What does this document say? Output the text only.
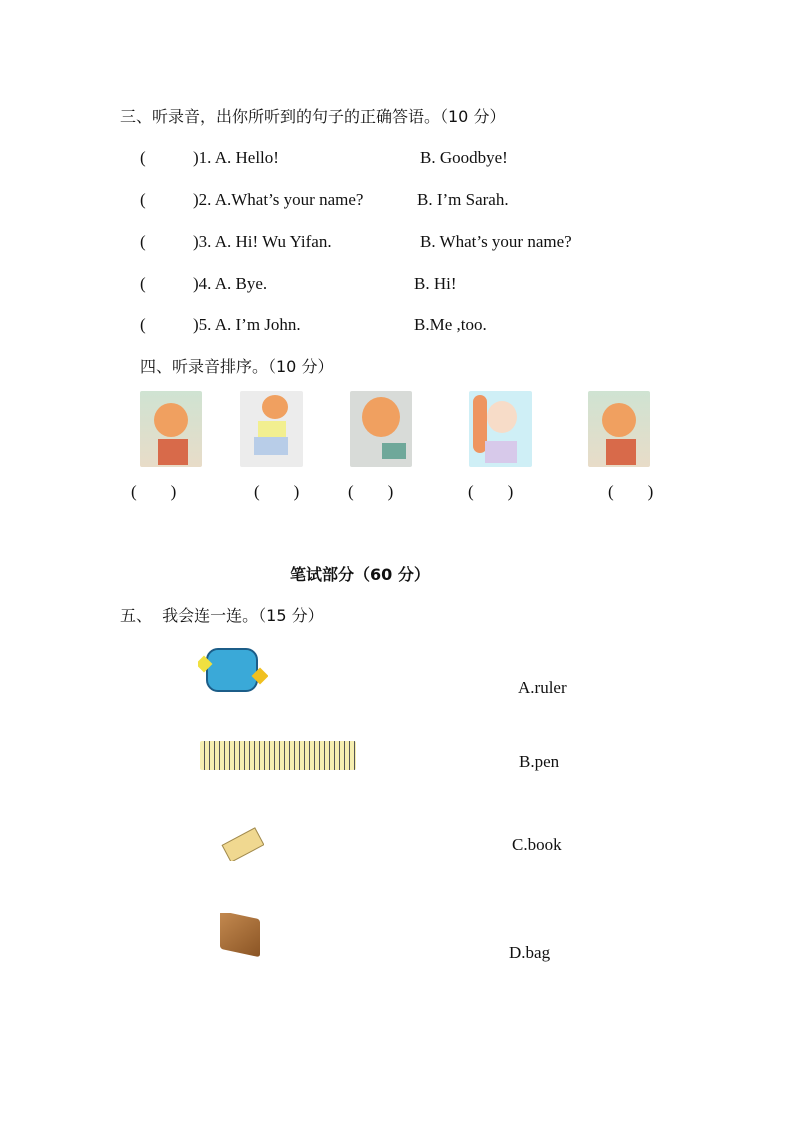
三、听录音，出你所听到的句子的正确答语。（10 分）
(	)1. A. Hello!	B. Goodbye!
(	)2. A.What’s your name?	B. I’m Sarah.
(	)3. A. Hi! Wu Yifan.	B. What’s your name?
(	)4. A. Bye.	B. Hi!
(	)5. A. I’m John.	B.Me ,too.
四、听录音排序。（10 分）
(        )	(        )	(        )	(        )	(        )
笔试部分（60 分）
五、  我会连一连。（15 分）
A.ruler
B.pen
C.book
D.bag
